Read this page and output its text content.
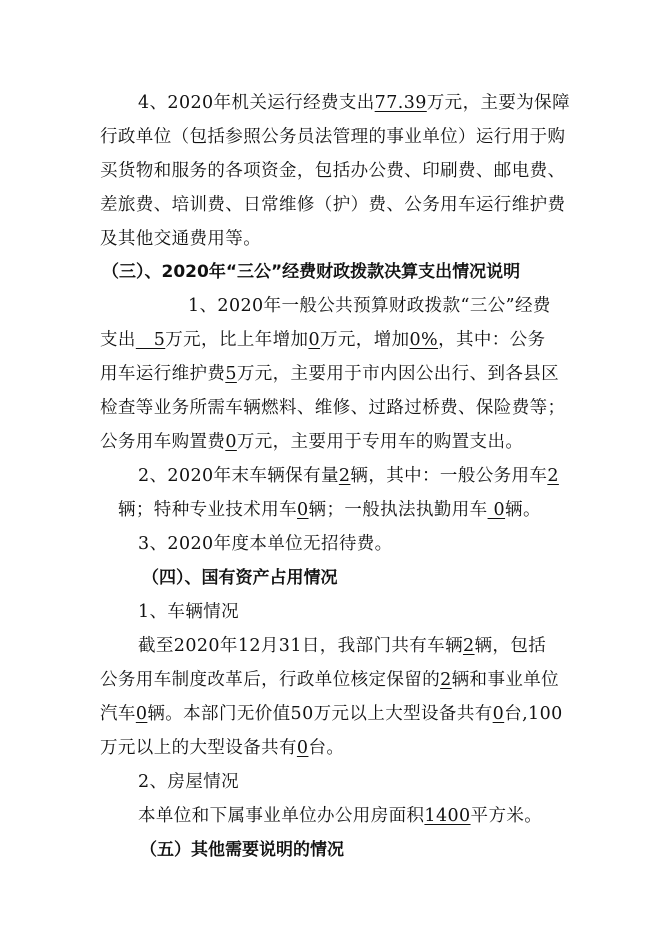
4、2020年机关运行经费支出77.39万元，主要为保障
行政单位（包括参照公务员法管理的事业单位）运行用于购
买货物和服务的各项资金，包括办公费、印刷费、邮电费、
差旅费、培训费、日常维修（护）费、公务用车运行维护费
及其他交通费用等。
（三）、2020年“三公”经费财政拨款决算支出情况说明
1、2020年一般公共预算财政拨款“三公”经费
支出   5万元，比上年增加0万元，增加0%，其中：公务
用车运行维护费5万元，主要用于市内因公出行、到各县区
检查等业务所需车辆燃料、维修、过路过桥费、保险费等；
公务用车购置费0万元，主要用于专用车的购置支出。
2、2020年末车辆保有量2辆，其中：一般公务用车2
辆；特种专业技术用车0辆；一般执法执勤用车 0辆。
3、2020年度本单位无招待费。
（四）、国有资产占用情况
1、车辆情况
截至2020年12月31日，我部门共有车辆2辆，包括
公务用车制度改革后，行政单位核定保留的2辆和事业单位
汽车0辆。本部门无价值50万元以上大型设备共有0台,100
万元以上的大型设备共有0台。
2、房屋情况
本单位和下属事业单位办公用房面积1400平方米。
（五）其他需要说明的情况
